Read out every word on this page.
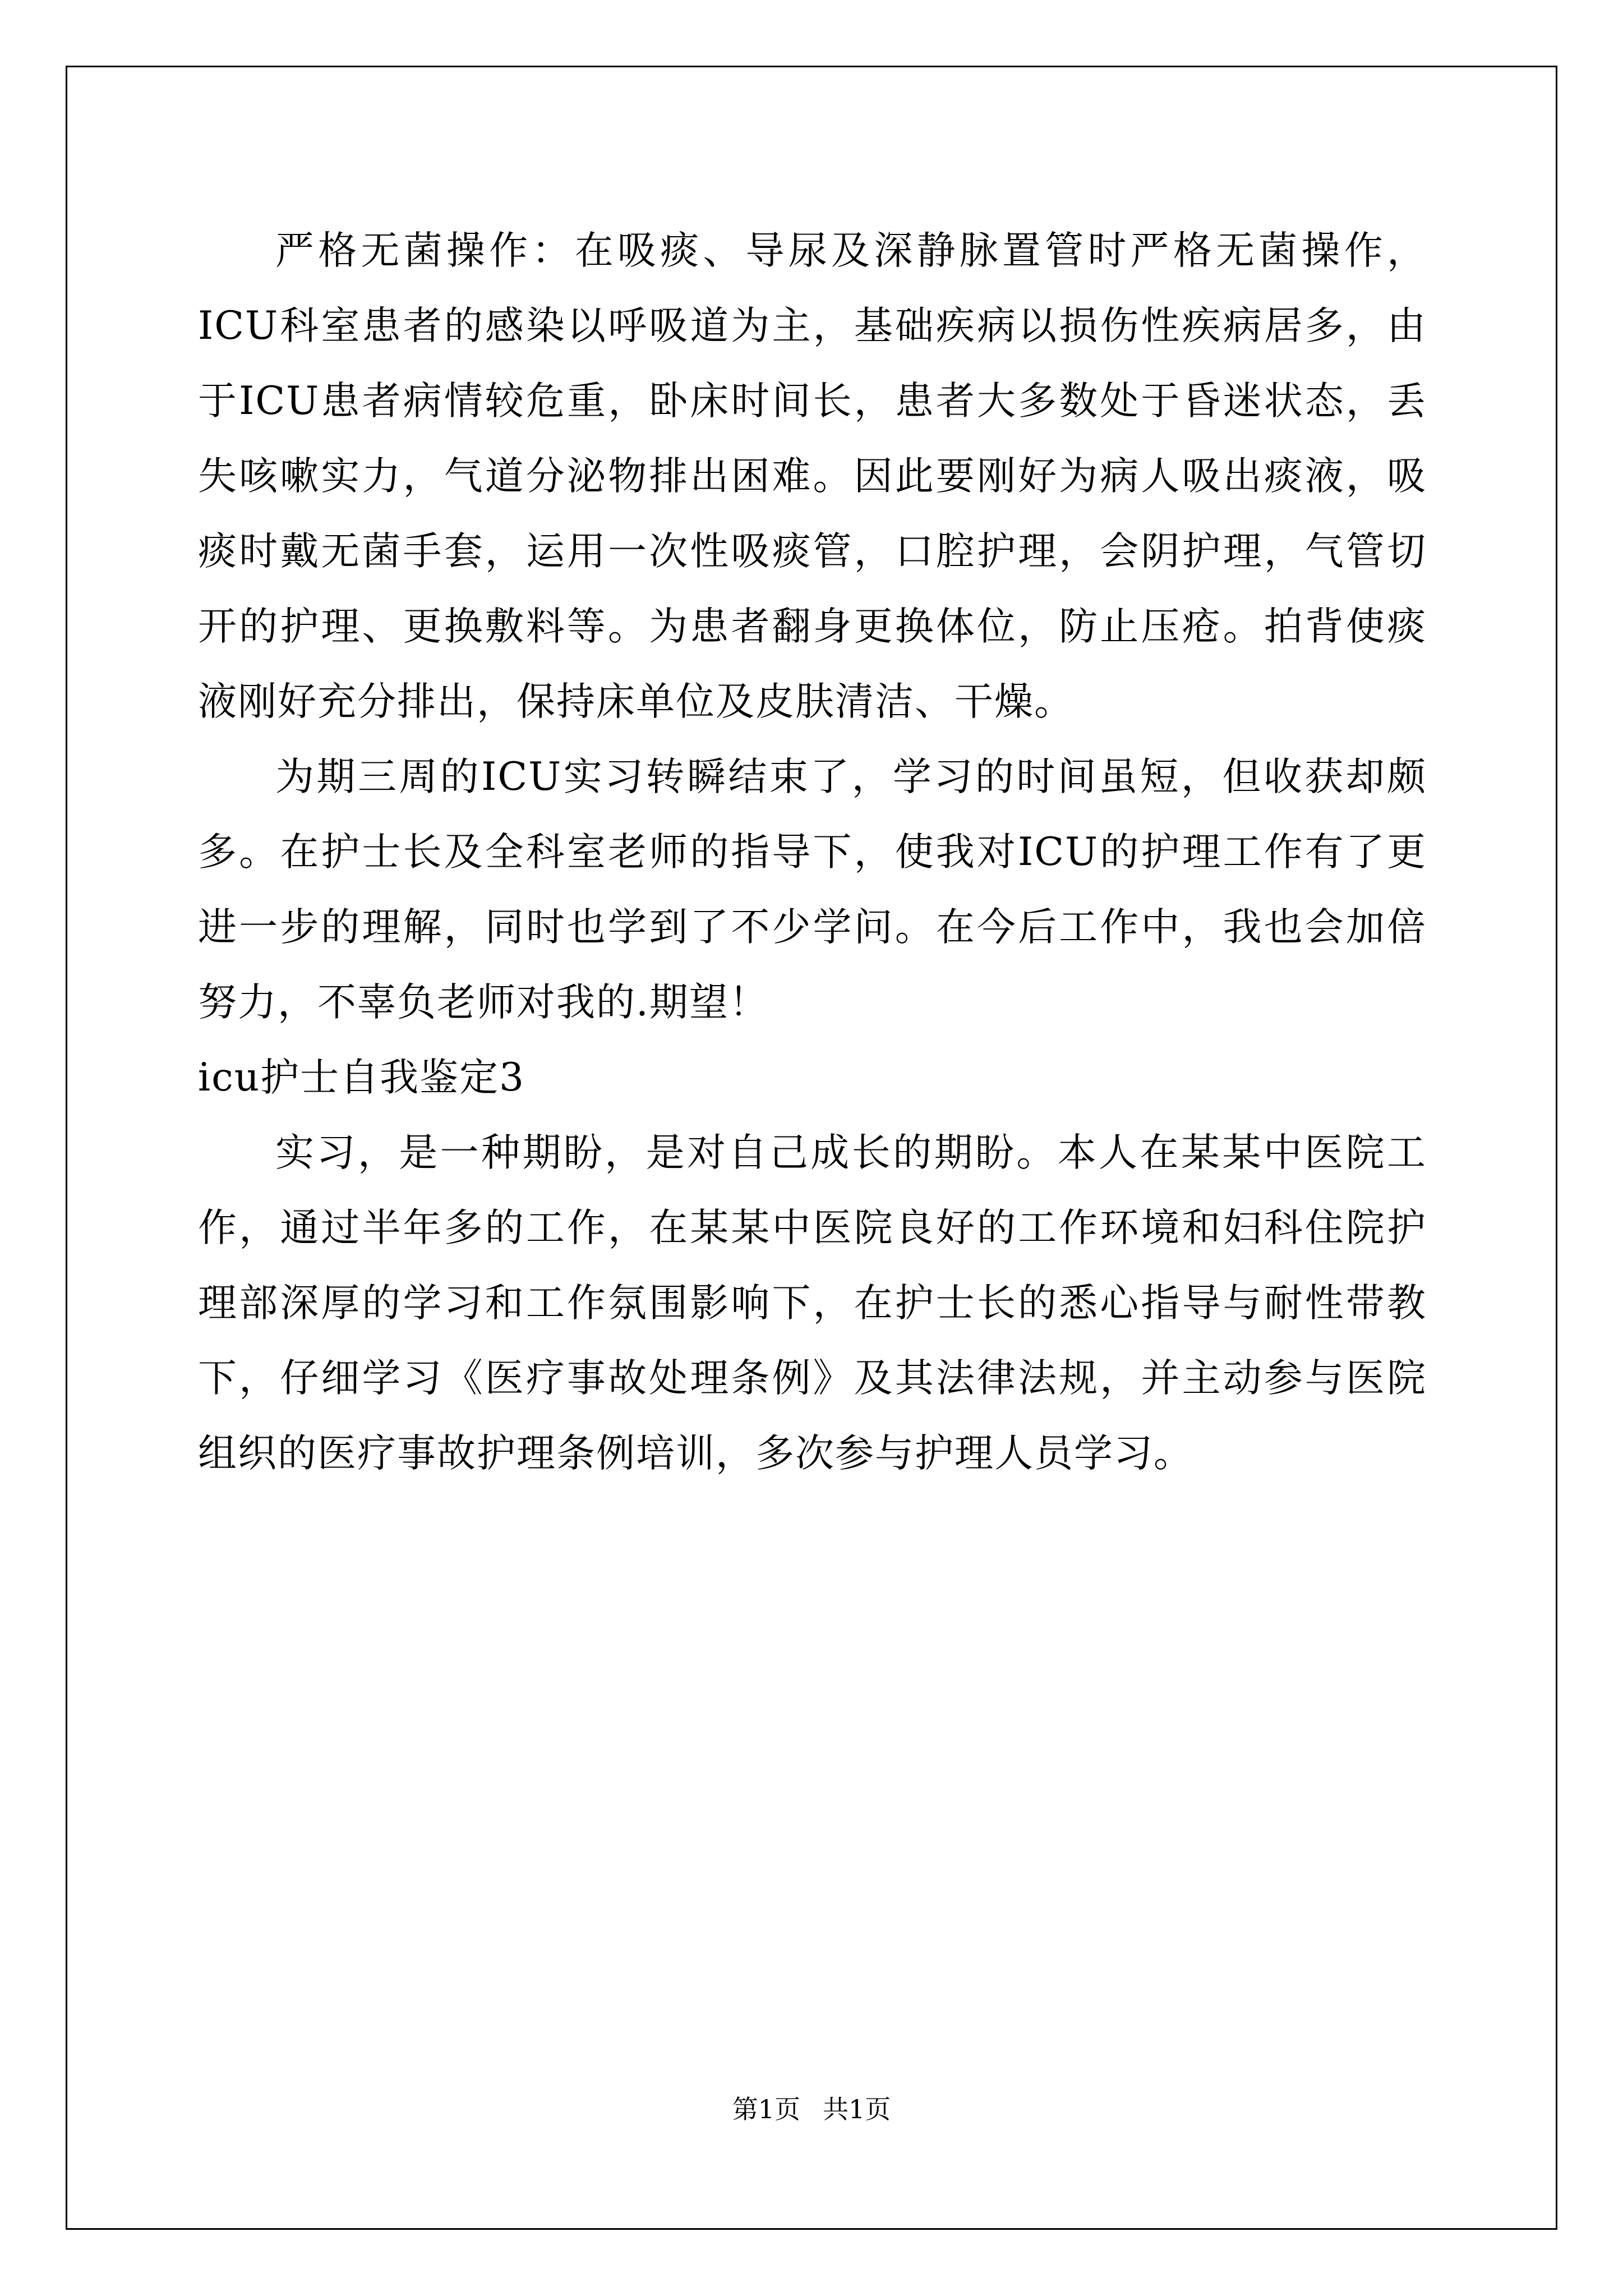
严格无菌操作：在吸痰、导尿及深静脉置管时严格无菌操作，ICU科室患者的感染以呼吸道为主，基础疾病以损伤性疾病居多，由于ICU患者病情较危重，卧床时间长，患者大多数处于昏迷状态，丢失咳嗽实力，气道分泌物排出困难。因此要刚好为病人吸出痰液，吸痰时戴无菌手套，运用一次性吸痰管，口腔护理，会阴护理，气管切开的护理、更换敷料等。为患者翻身更换体位，防止压疮。拍背使痰液刚好充分排出，保持床单位及皮肤清洁、干燥。

为期三周的ICU实习转瞬结束了，学习的时间虽短，但收获却颇多。在护士长及全科室老师的指导下，使我对ICU的护理工作有了更进一步的理解，同时也学到了不少学问。在今后工作中，我也会加倍努力，不辜负老师对我的.期望！

icu护士自我鉴定3

实习，是一种期盼，是对自己成长的期盼。本人在某某中医院工作，通过半年多的工作，在某某中医院良好的工作环境和妇科住院护理部深厚的学习和工作氛围影响下，在护士长的悉心指导与耐性带教下，仔细学习《医疗事故处理条例》及其法律法规，并主动参与医院组织的医疗事故护理条例培训，多次参与护理人员学习。

第1页 共1页
